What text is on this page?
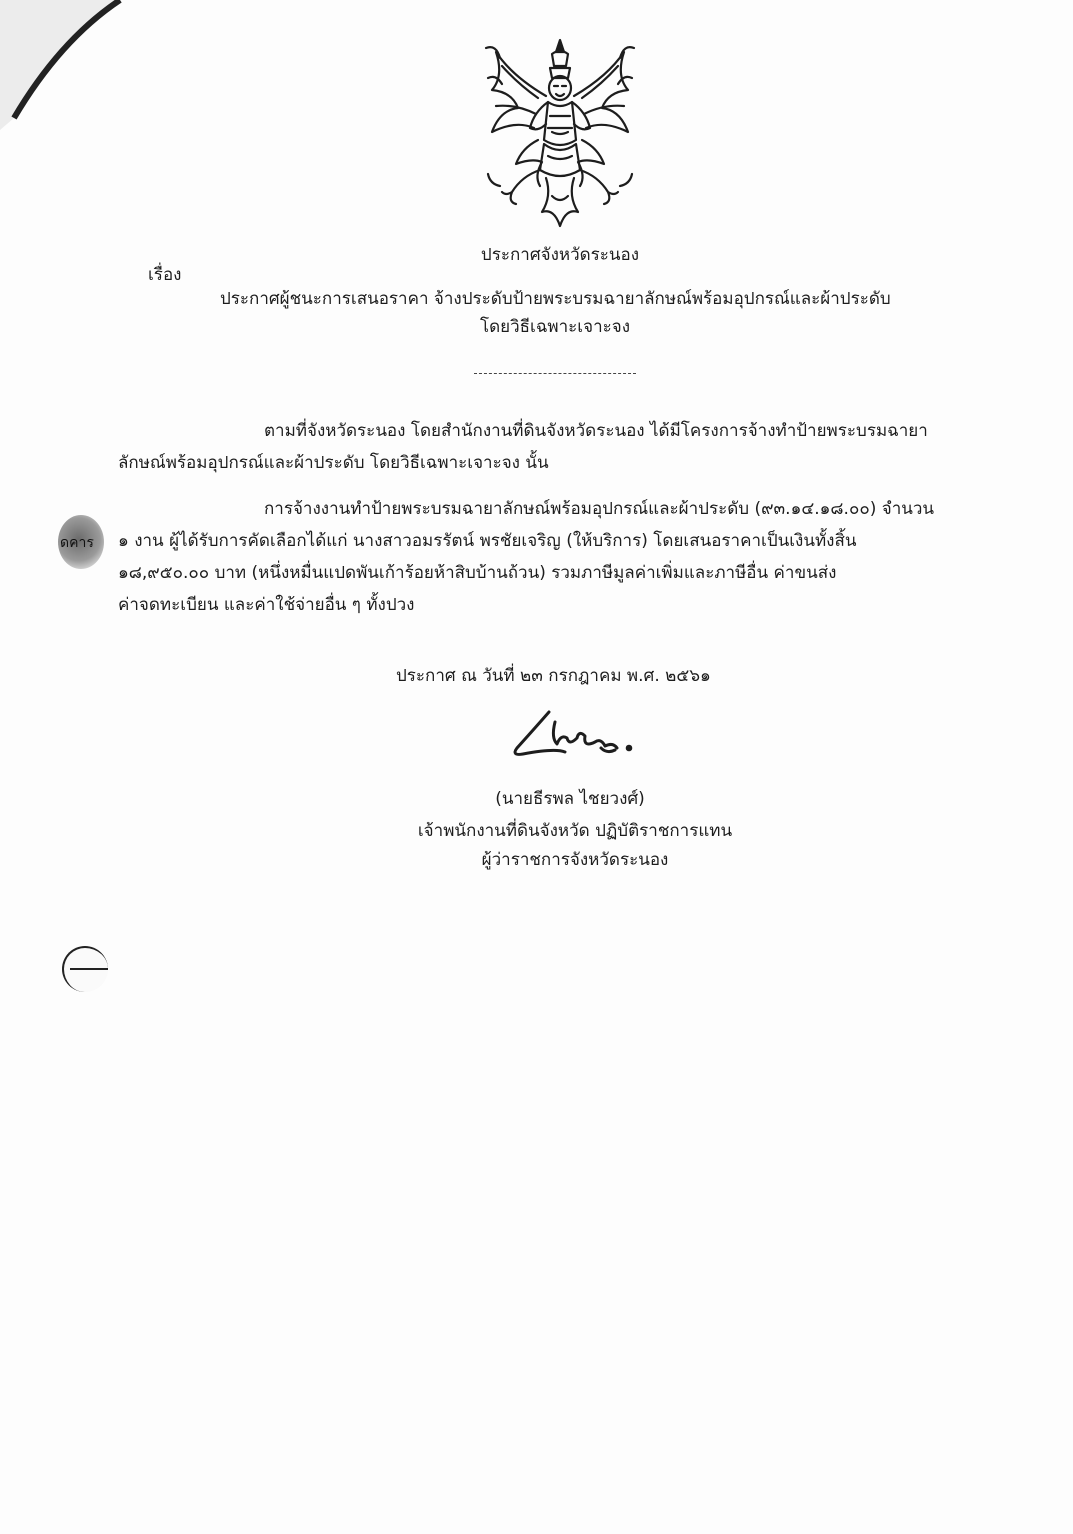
ประกาศจังหวัดระนอง
เรื่อง
ประกาศผู้ชนะการเสนอราคา จ้างประดับป้ายพระบรมฉายาลักษณ์พร้อมอุปกรณ์และผ้าประดับ
โดยวิธีเฉพาะเจาะจง
ตามที่จังหวัดระนอง โดยสำนักงานที่ดินจังหวัดระนอง ได้มีโครงการจ้างทำป้ายพระบรมฉายา
ลักษณ์พร้อมอุปกรณ์และผ้าประดับ โดยวิธีเฉพาะเจาะจง นั้น
การจ้างงานทำป้ายพระบรมฉายาลักษณ์พร้อมอุปกรณ์และผ้าประดับ (๙๓.๑๔.๑๘.๐๐) จำนวน
๑ งาน ผู้ได้รับการคัดเลือกได้แก่ นางสาวอมรรัตน์ พรชัยเจริญ (ให้บริการ) โดยเสนอราคาเป็นเงินทั้งสิ้น
๑๘,๙๕๐.๐๐ บาท (หนึ่งหมื่นแปดพันเก้าร้อยห้าสิบบ้านถ้วน) รวมภาษีมูลค่าเพิ่มและภาษีอื่น ค่าขนส่ง
ค่าจดทะเบียน และค่าใช้จ่ายอื่น ๆ ทั้งปวง
ดคาร
ประกาศ ณ วันที่ ๒๓ กรกฎาคม พ.ศ. ๒๕๖๑
(นายธีรพล ไชยวงศ์)
เจ้าพนักงานที่ดินจังหวัด ปฏิบัติราชการแทน
ผู้ว่าราชการจังหวัดระนอง
